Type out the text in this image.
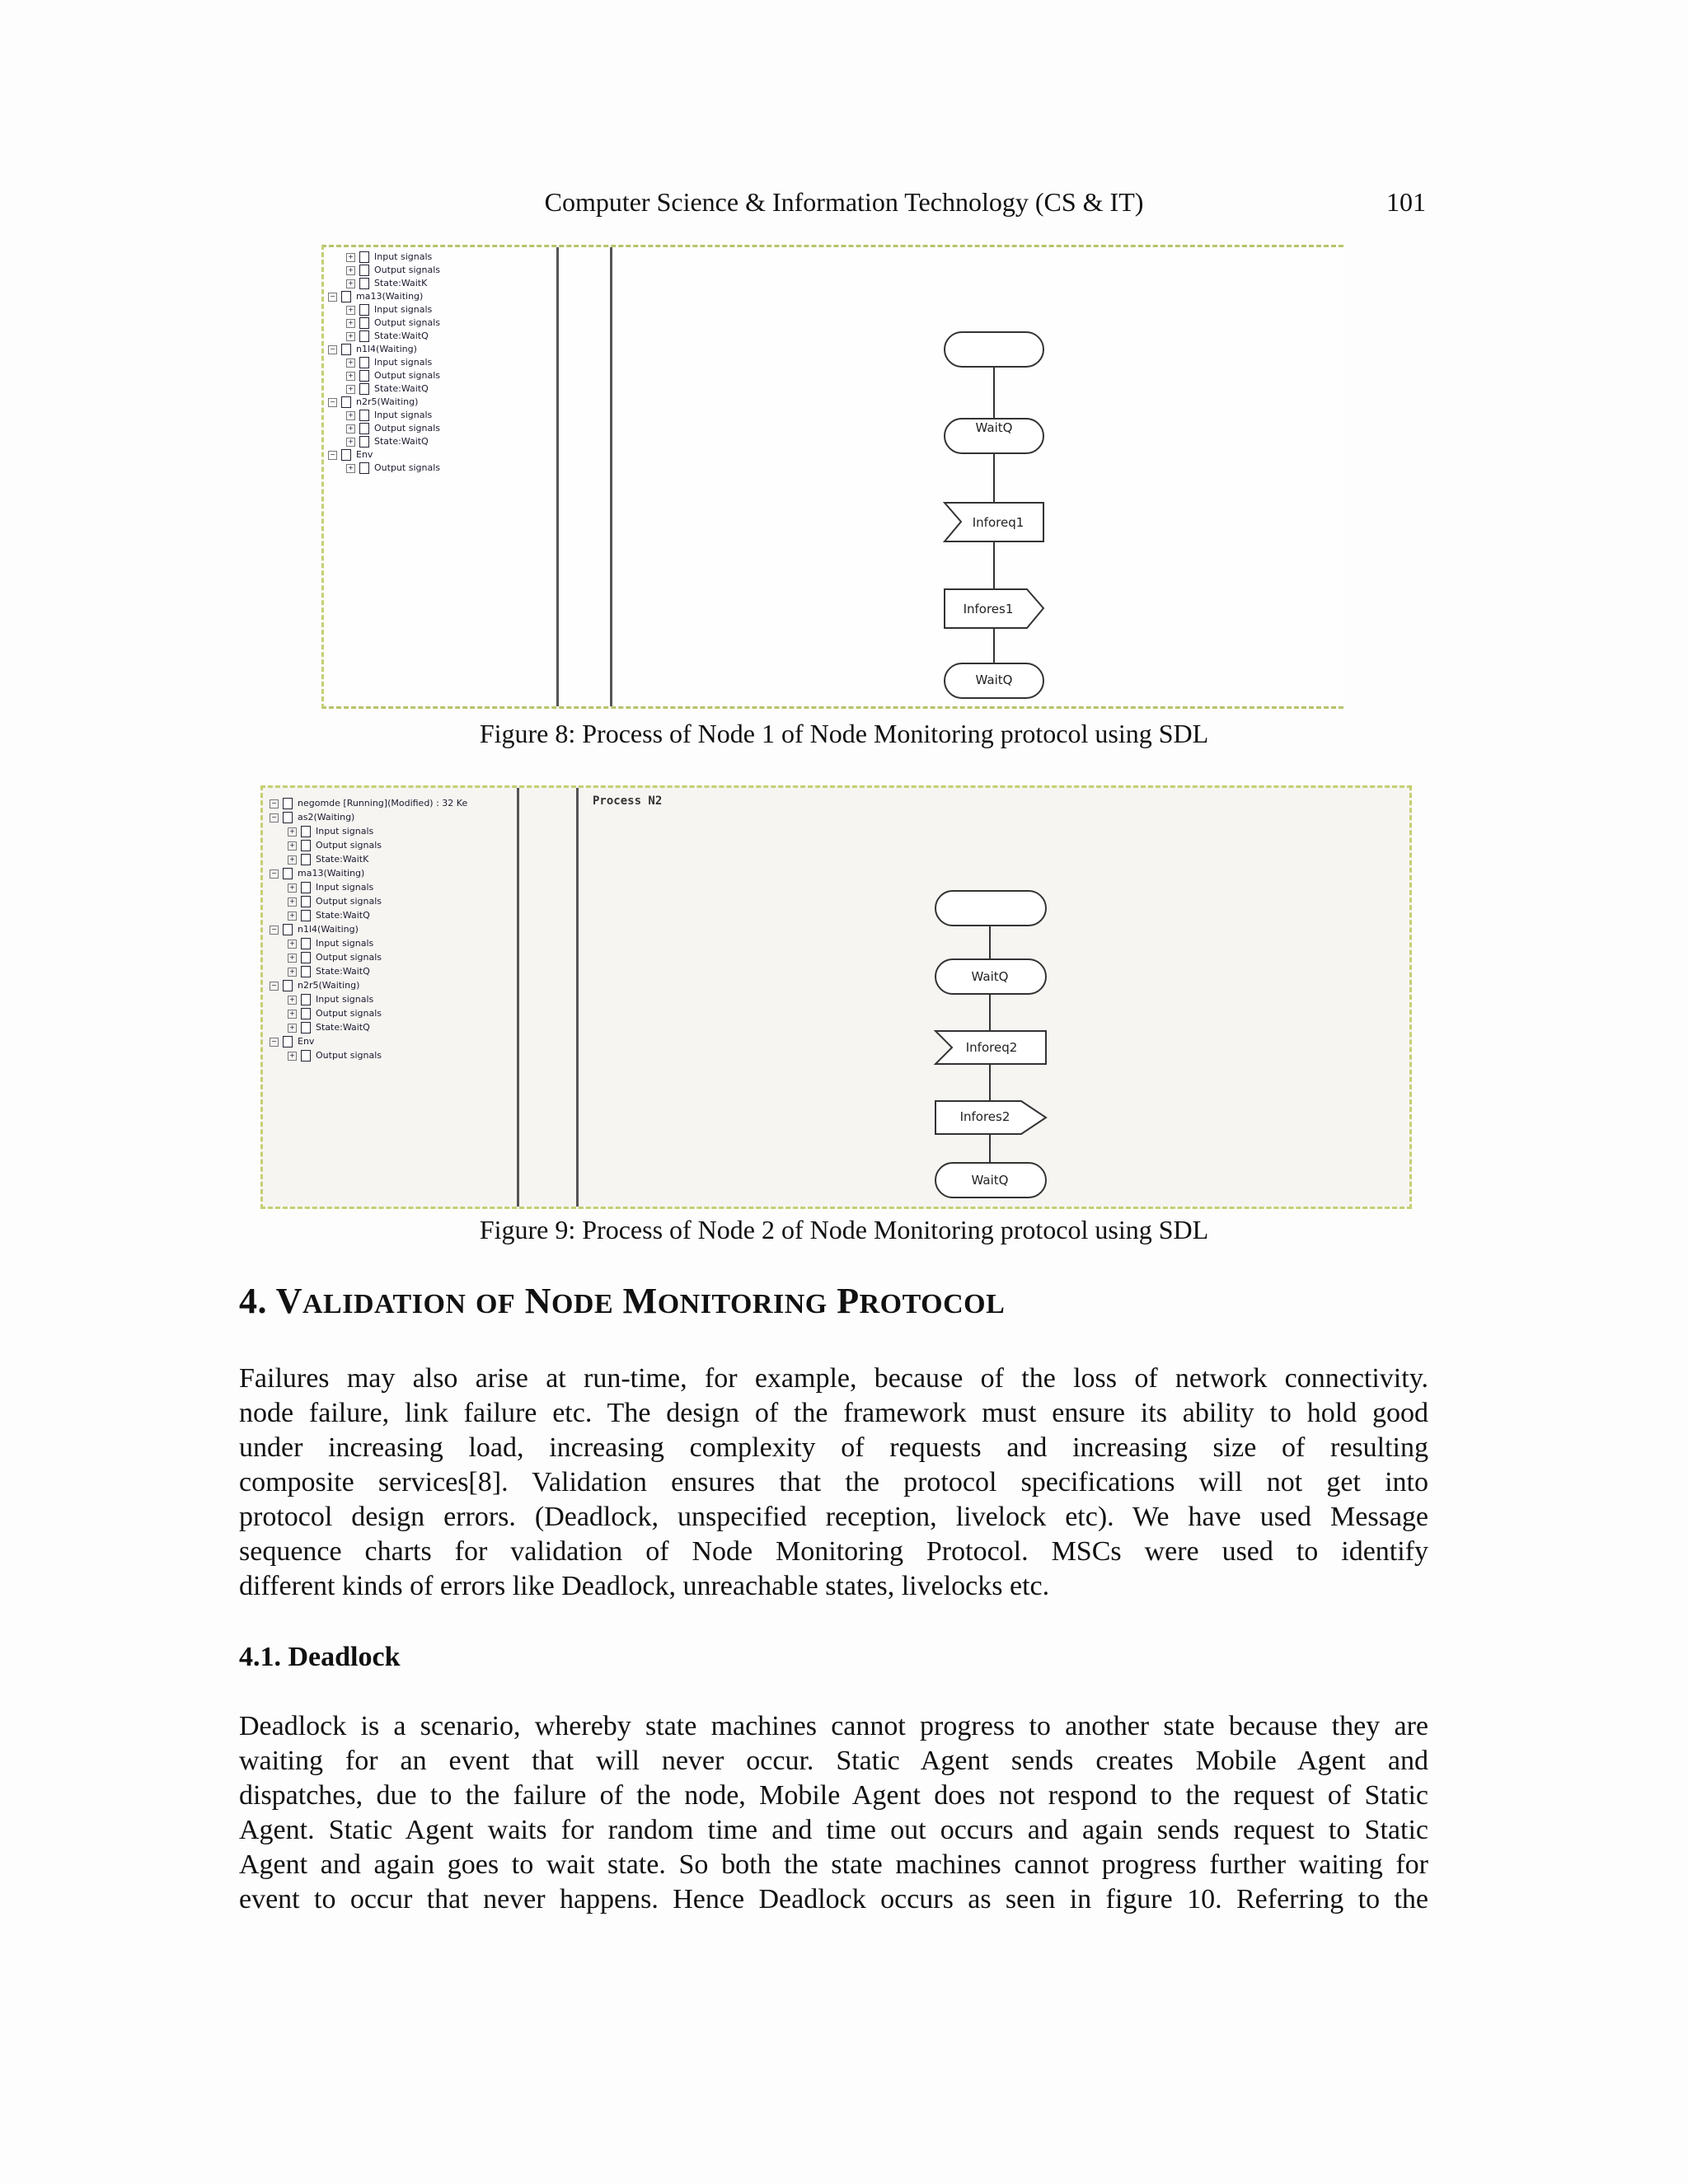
Computer Science & Information Technology (CS & IT)	101
+ Input signals
+ Output signals
+ State:WaitK
− ma13(Waiting)
+ Input signals
+ Output signals
+ State:WaitQ
− n1l4(Waiting)
+ Input signals
+ Output signals
+ State:WaitQ
− n2r5(Waiting)
+ Input signals
+ Output signals
+ State:WaitQ
− Env
+ Output signals
WaitQ
Inforeq1
Infores1
WaitQ
Figure 8: Process of Node 1 of Node Monitoring protocol using SDL
− negomde [Running](Modified) : 32 Ke
− as2(Waiting)
+ Input signals
+ Output signals
+ State:WaitK
− ma13(Waiting)
+ Input signals
+ Output signals
+ State:WaitQ
− n1l4(Waiting)
+ Input signals
+ Output signals
+ State:WaitQ
− n2r5(Waiting)
+ Input signals
+ Output signals
+ State:WaitQ
− Env
+ Output signals
Process N2
WaitQ
Inforeq2
Infores2
WaitQ
Figure 9: Process of Node 2 of Node Monitoring protocol using SDL
4. VALIDATION OF NODE MONITORING PROTOCOL
Failures may also arise at run-time, for example, because of the loss of network connectivity.
node failure, link failure etc. The design of the framework must ensure its ability to hold good
under increasing load, increasing complexity of requests and increasing size of resulting
composite services[8]. Validation ensures that the protocol specifications will not get into
protocol design errors. (Deadlock, unspecified reception, livelock etc). We have used Message
sequence charts for validation of Node Monitoring Protocol. MSCs were used to identify
different kinds of errors like Deadlock, unreachable states, livelocks etc.
4.1. Deadlock
Deadlock is a scenario, whereby state machines cannot progress to another state because they are
waiting for an event that will never occur. Static Agent sends creates Mobile Agent and
dispatches, due to the failure of the node, Mobile Agent does not respond to the request of Static
Agent. Static Agent waits for random time and time out occurs and again sends request to Static
Agent and again goes to wait state. So both the state machines cannot progress further waiting for
event to occur that never happens. Hence Deadlock occurs as seen in figure 10. Referring to the
